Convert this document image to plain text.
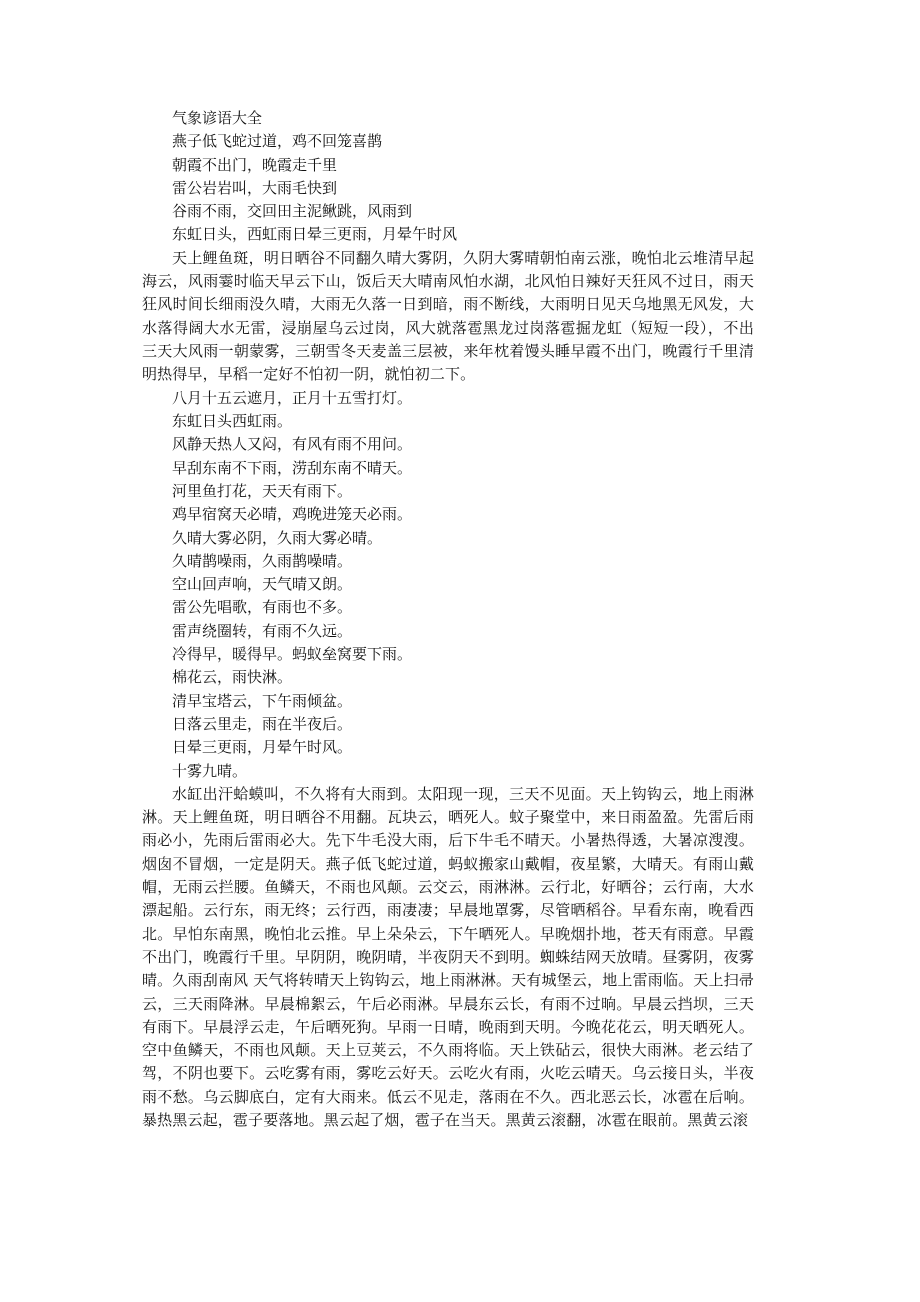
气象谚语大全

燕子低飞蛇过道，鸡不回笼喜鹊

朝霞不出门，晚霞走千里

雷公岩岩叫，大雨毛快到

谷雨不雨，交回田主泥鳅跳，风雨到

东虹日头，西虹雨日晕三更雨，月晕午时风

天上鲤鱼斑，明日晒谷不同翻久晴大雾阴，久阴大雾晴朝怕南云涨，晚怕北云堆清早起海云，风雨霎时临天早云下山，饭后天大晴南风怕水湖，北风怕日辣好天狂风不过日，雨天狂风时间长细雨没久晴，大雨无久落一日到暗，雨不断线，大雨明日见天乌地黑无风发，大水落得阔大水无雷，浸崩屋乌云过岗，风大就落雹黑龙过岗落雹掘龙虹（短短一段），不出三天大风雨一朝蒙雾，三朝雪冬天麦盖三层被，来年枕着馒头睡早霞不出门，晚霞行千里清明热得早，早稻一定好不怕初一阴，就怕初二下。

八月十五云遮月，正月十五雪打灯。

东虹日头西虹雨。

风静天热人又闷，有风有雨不用问。

早刮东南不下雨，涝刮东南不晴天。

河里鱼打花，天天有雨下。

鸡早宿窝天必晴，鸡晚进笼天必雨。

久晴大雾必阴，久雨大雾必晴。

久晴鹊噪雨，久雨鹊噪晴。

空山回声响，天气晴又朗。

雷公先唱歌，有雨也不多。

雷声绕圈转，有雨不久远。

冷得早，暖得早。蚂蚁垒窝要下雨。

棉花云，雨快淋。

清早宝塔云，下午雨倾盆。

日落云里走，雨在半夜后。

日晕三更雨，月晕午时风。

十雾九晴。

水缸出汗蛤蟆叫，不久将有大雨到。太阳现一现，三天不见面。天上钩钩云，地上雨淋淋。天上鲤鱼斑，明日晒谷不用翻。瓦块云，晒死人。蚊子聚堂中，来日雨盈盈。先雷后雨雨必小，先雨后雷雨必大。先下牛毛没大雨，后下牛毛不晴天。小暑热得透，大暑凉溲溲。烟囱不冒烟，一定是阴天。燕子低飞蛇过道，蚂蚁搬家山戴帽，夜星繁，大晴天。有雨山戴帽，无雨云拦腰。鱼鳞天，不雨也风颠。云交云，雨淋淋。云行北，好晒谷；云行南，大水漂起船。云行东，雨无终；云行西，雨凄凄；早晨地罩雾，尽管晒稻谷。早看东南，晚看西北。早怕东南黑，晚怕北云推。早上朵朵云，下午晒死人。早晚烟扑地，苍天有雨意。早霞不出门，晚霞行千里。早阴阴，晚阴晴，半夜阴天不到明。蜘蛛结网天放晴。昼雾阴，夜雾晴。久雨刮南风 天气将转晴天上钩钩云，地上雨淋淋。天有城堡云，地上雷雨临。天上扫帚云，三天雨降淋。早晨棉絮云，午后必雨淋。早晨东云长，有雨不过晌。早晨云挡坝，三天有雨下。早晨浮云走，午后晒死狗。早雨一日晴，晚雨到天明。今晚花花云，明天晒死人。空中鱼鳞天，不雨也风颠。天上豆荚云，不久雨将临。天上铁砧云，很快大雨淋。老云结了驾，不阴也要下。云吃雾有雨，雾吃云好天。云吃火有雨，火吃云晴天。乌云接日头，半夜雨不愁。乌云脚底白，定有大雨来。低云不见走，落雨在不久。西北恶云长，冰雹在后响。暴热黑云起，雹子要落地。黑云起了烟，雹子在当天。黑黄云滚翻，冰雹在眼前。黑黄云滚
